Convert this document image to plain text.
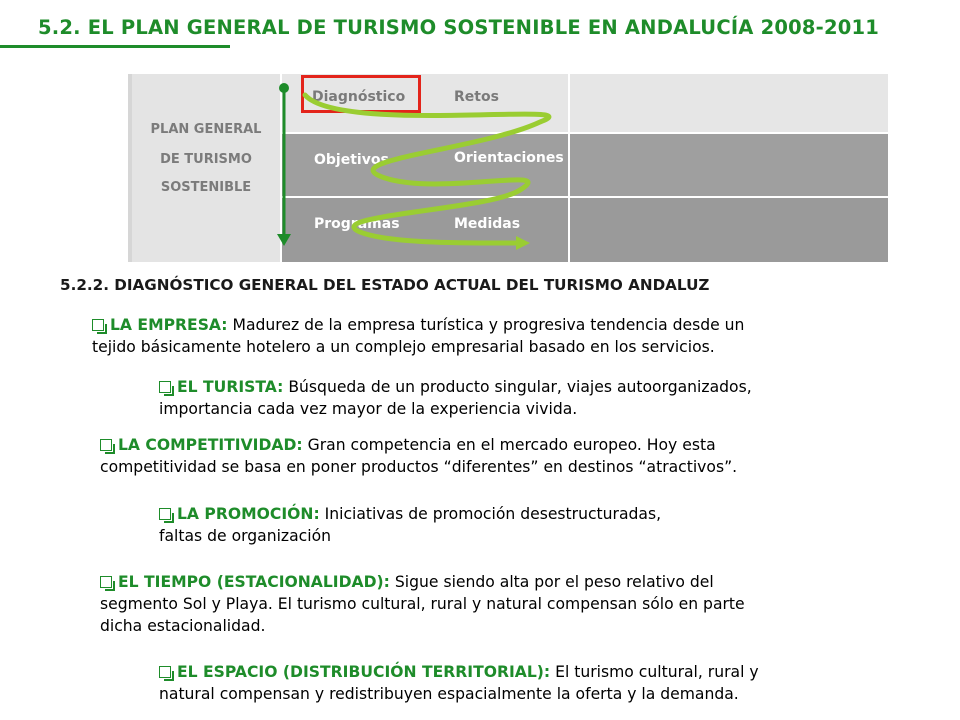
5.2. EL PLAN GENERAL DE TURISMO SOSTENIBLE EN ANDALUCÍA 2008-2011
PLAN GENERAL
DE TURISMO
SOSTENIBLE
Diagnóstico	Retos
Objetivos	Orientaciones
Programas	Medidas
5.2.2. DIAGNÓSTICO GENERAL DEL ESTADO ACTUAL DEL TURISMO ANDALUZ
LA EMPRESA: Madurez de la empresa turística y progresiva tendencia desde un
tejido básicamente hotelero a un complejo empresarial basado en los servicios.
EL TURISTA: Búsqueda de un producto singular, viajes autoorganizados,
importancia cada vez mayor de la experiencia vivida.
LA COMPETITIVIDAD: Gran competencia en el mercado europeo. Hoy esta
competitividad se basa en poner productos “diferentes” en destinos “atractivos”.
LA PROMOCIÓN: Iniciativas de promoción desestructuradas,
faltas de organización
EL TIEMPO (ESTACIONALIDAD): Sigue siendo alta por el peso relativo del
segmento Sol y Playa. El turismo cultural, rural y natural compensan sólo en parte
dicha estacionalidad.
EL ESPACIO (DISTRIBUCIÓN TERRITORIAL): El turismo cultural, rural y
natural compensan y redistribuyen espacialmente la oferta y la demanda.
